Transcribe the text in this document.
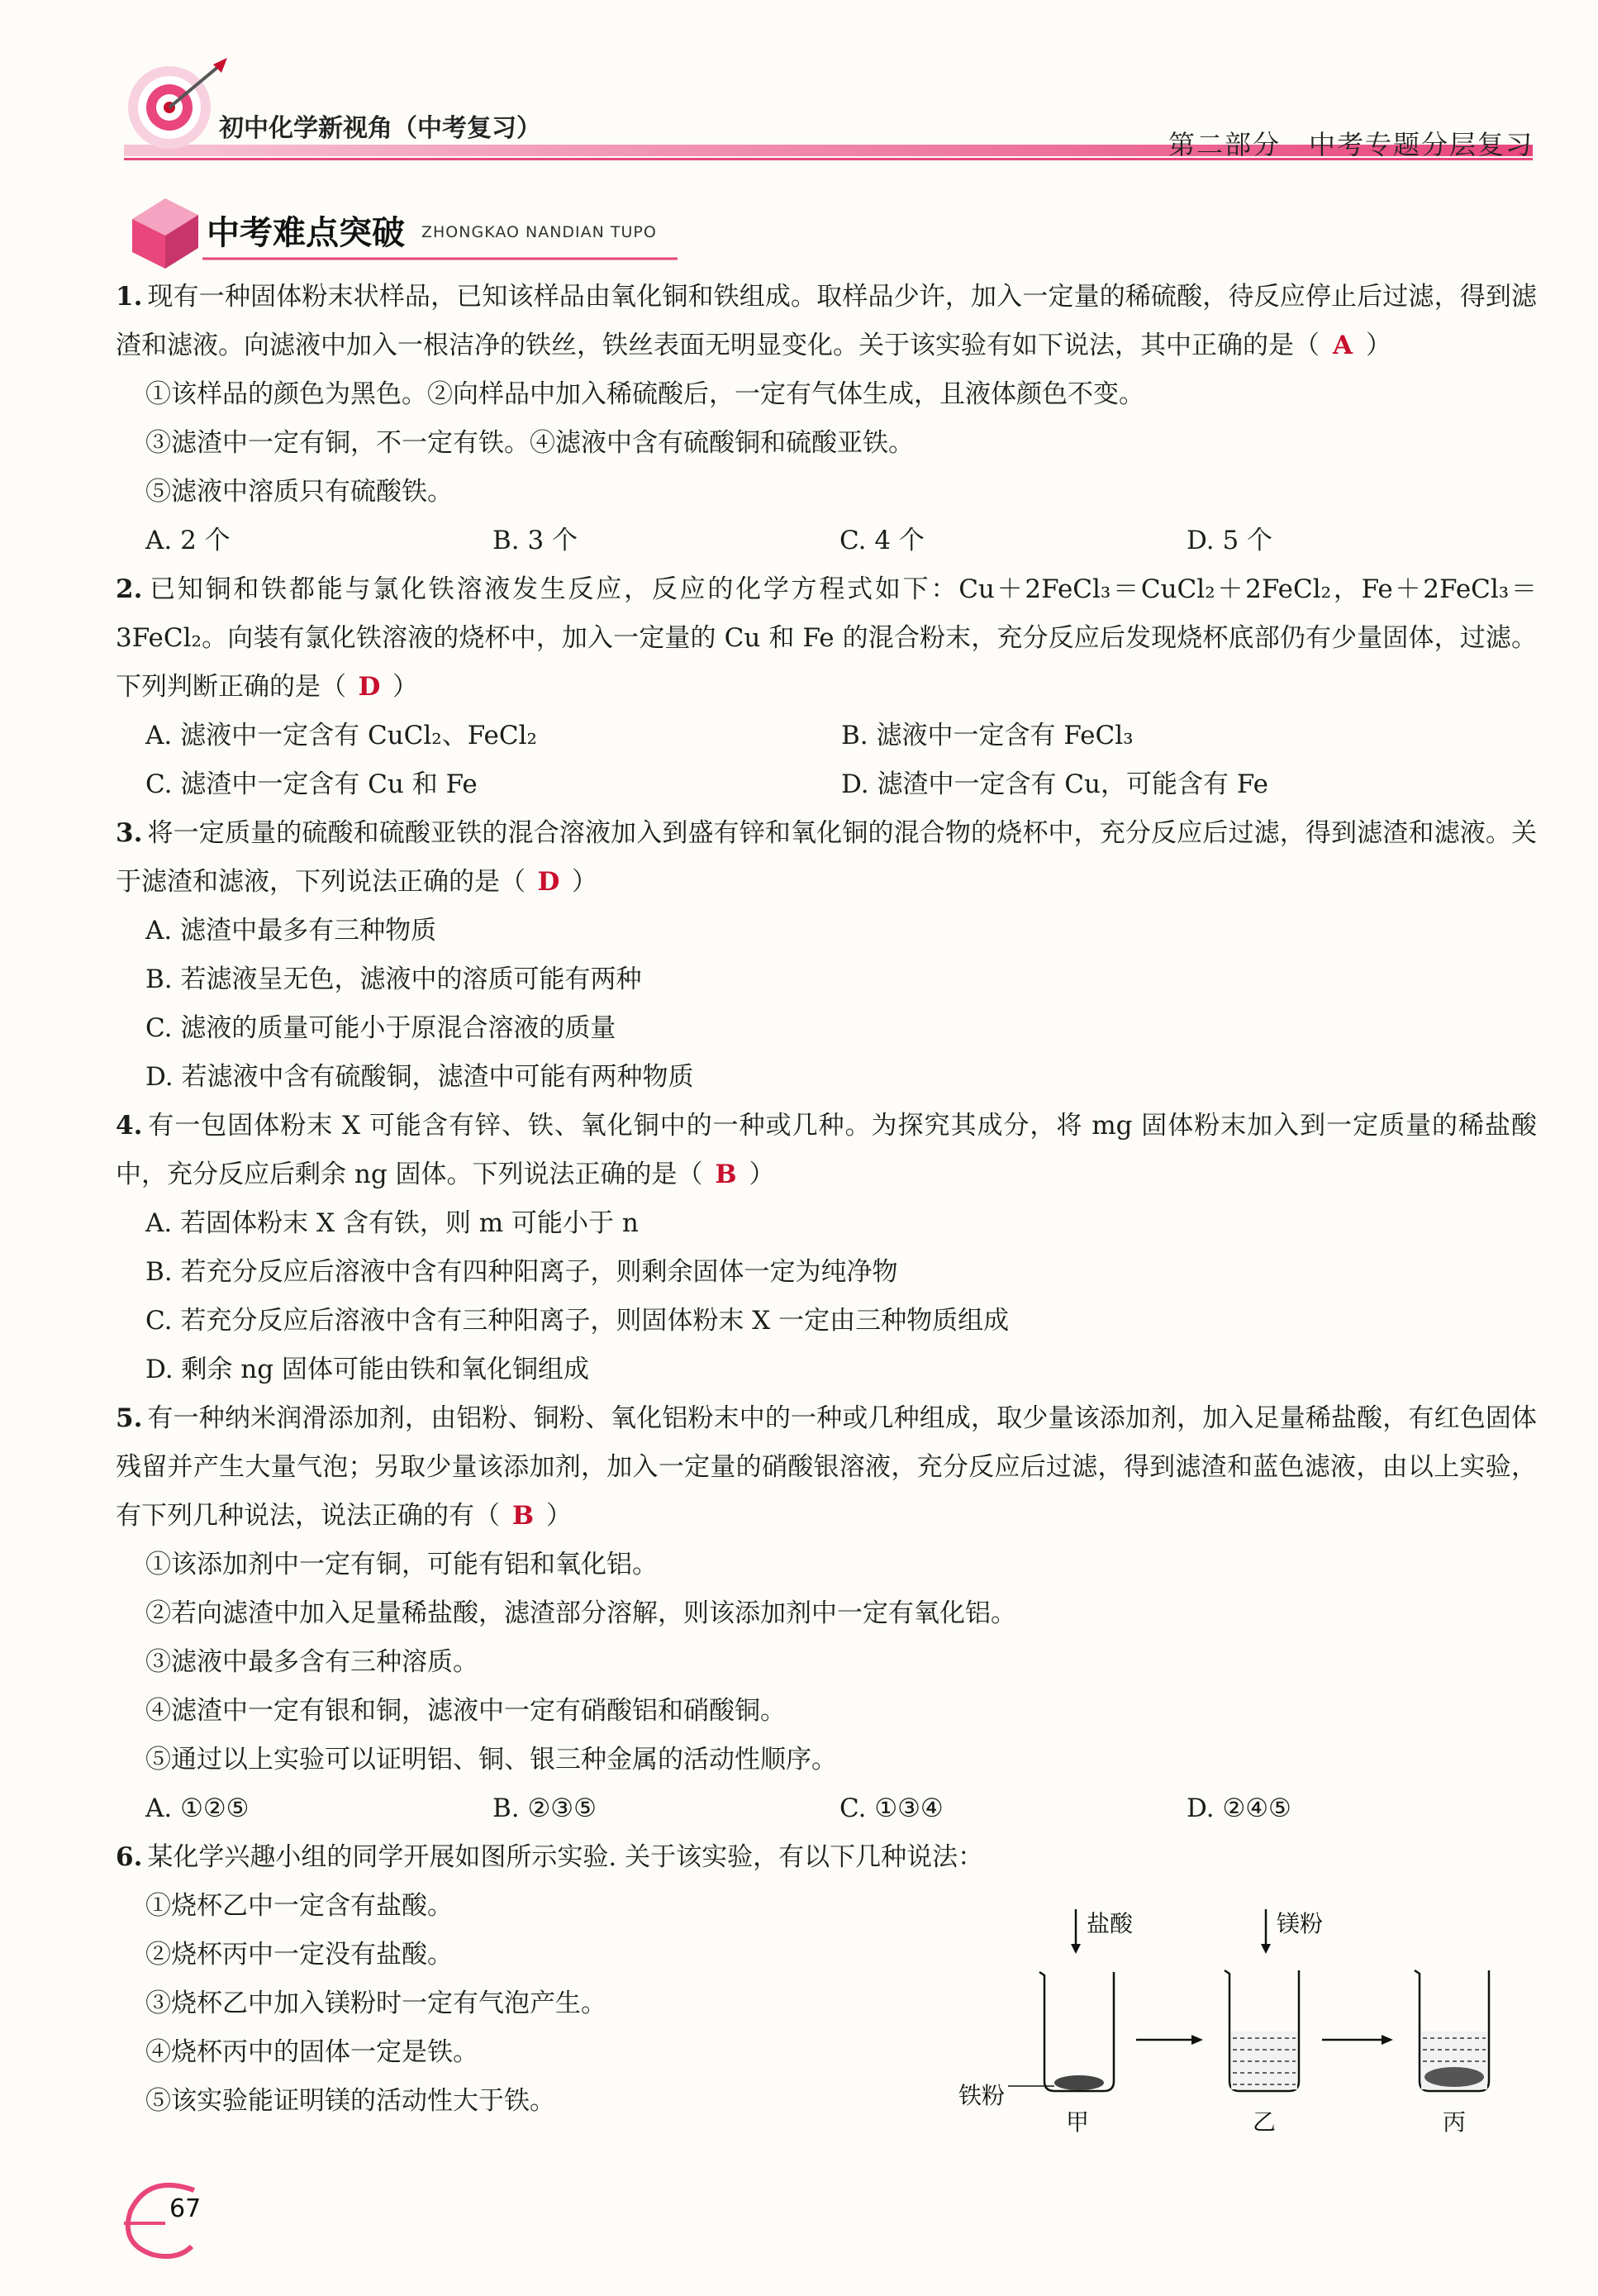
初中化学新视角（中考复习）
第二部分　中考专题分层复习
中考难点突破 ZHONGKAO NANDIAN TUPO
1. 现有一种固体粉末状样品，已知该样品由氧化铜和铁组成。取样品少许，加入一定量的稀硫酸，待反应停止后过滤，得到滤渣和滤液。向滤液中加入一根洁净的铁丝，铁丝表面无明显变化。关于该实验有如下说法，其中正确的是（ A ）
①该样品的颜色为黑色。②向样品中加入稀硫酸后，一定有气体生成，且液体颜色不变。
③滤渣中一定有铜，不一定有铁。④滤液中含有硫酸铜和硫酸亚铁。
⑤滤液中溶质只有硫酸铁。
A. 2 个	B. 3 个	C. 4 个	D. 5 个
2. 已知铜和铁都能与氯化铁溶液发生反应，反应的化学方程式如下：Cu＋2FeCl₃＝CuCl₂＋2FeCl₂，Fe＋2FeCl₃＝3FeCl₂。向装有氯化铁溶液的烧杯中，加入一定量的 Cu 和 Fe 的混合粉末，充分反应后发现烧杯底部仍有少量固体，过滤。下列判断正确的是（ D ）
A. 滤液中一定含有 CuCl₂、FeCl₂	B. 滤液中一定含有 FeCl₃
C. 滤渣中一定含有 Cu 和 Fe	D. 滤渣中一定含有 Cu，可能含有 Fe
3. 将一定质量的硫酸和硫酸亚铁的混合溶液加入到盛有锌和氧化铜的混合物的烧杯中，充分反应后过滤，得到滤渣和滤液。关于滤渣和滤液，下列说法正确的是（ D ）
A. 滤渣中最多有三种物质
B. 若滤液呈无色，滤液中的溶质可能有两种
C. 滤液的质量可能小于原混合溶液的质量
D. 若滤液中含有硫酸铜，滤渣中可能有两种物质
4. 有一包固体粉末 X 可能含有锌、铁、氧化铜中的一种或几种。为探究其成分，将 mg 固体粉末加入到一定质量的稀盐酸中，充分反应后剩余 ng 固体。下列说法正确的是（ B ）
A. 若固体粉末 X 含有铁，则 m 可能小于 n
B. 若充分反应后溶液中含有四种阳离子，则剩余固体一定为纯净物
C. 若充分反应后溶液中含有三种阳离子，则固体粉末 X 一定由三种物质组成
D. 剩余 ng 固体可能由铁和氧化铜组成
5. 有一种纳米润滑添加剂，由铝粉、铜粉、氧化铝粉末中的一种或几种组成，取少量该添加剂，加入足量稀盐酸，有红色固体残留并产生大量气泡；另取少量该添加剂，加入一定量的硝酸银溶液，充分反应后过滤，得到滤渣和蓝色滤液，由以上实验，有下列几种说法，说法正确的有（ B ）
①该添加剂中一定有铜，可能有铝和氧化铝。
②若向滤渣中加入足量稀盐酸，滤渣部分溶解，则该添加剂中一定有氧化铝。
③滤液中最多含有三种溶质。
④滤渣中一定有银和铜，滤液中一定有硝酸铝和硝酸铜。
⑤通过以上实验可以证明铝、铜、银三种金属的活动性顺序。
A. ①②⑤	B. ②③⑤	C. ①③④	D. ②④⑤
6. 某化学兴趣小组的同学开展如图所示实验. 关于该实验，有以下几种说法：
①烧杯乙中一定含有盐酸。
②烧杯丙中一定没有盐酸。
③烧杯乙中加入镁粉时一定有气泡产生。
④烧杯丙中的固体一定是铁。
⑤该实验能证明镁的活动性大于铁。
盐酸	镁粉
铁粉
甲	乙	丙
67
